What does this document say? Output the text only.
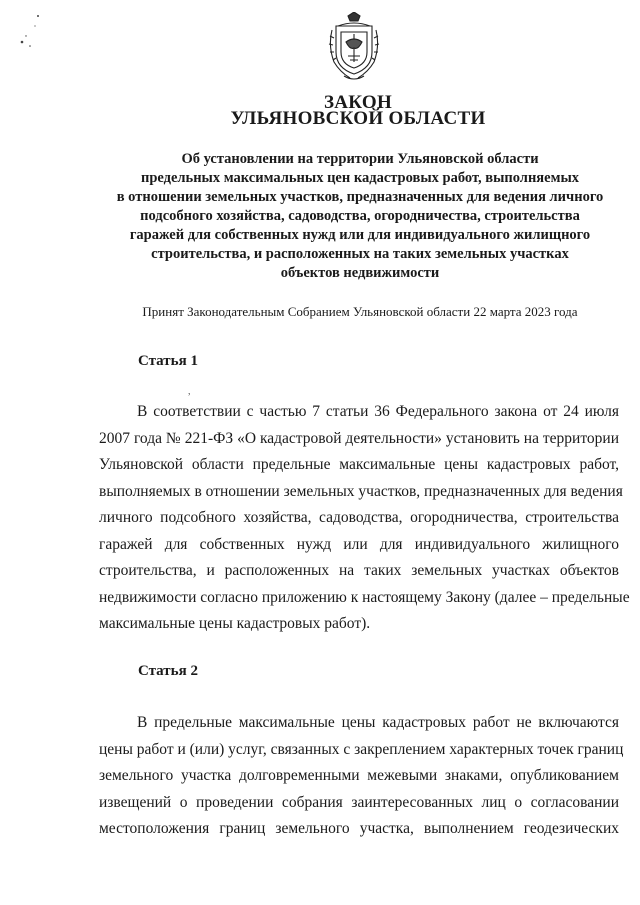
ЗАКОН
УЛЬЯНОВСКОЙ ОБЛАСТИ
Об установлении на территории Ульяновской области
предельных максимальных цен кадастровых работ, выполняемых
в отношении земельных участков, предназначенных для ведения личного
подсобного хозяйства, садоводства, огородничества, строительства
гаражей для собственных нужд или для индивидуального жилищного
строительства, и расположенных на таких земельных участках
объектов недвижимости
Принят Законодательным Собранием Ульяновской области 22 марта 2023 года
Статья 1
,
В соответствии с частью 7 статьи 36 Федерального закона от 24 июля
2007 года № 221-ФЗ «О кадастровой деятельности» установить на территории
Ульяновской области предельные максимальные цены кадастровых работ,
выполняемых в отношении земельных участков, предназначенных для ведения
личного подсобного хозяйства, садоводства, огородничества, строительства
гаражей для собственных нужд или для индивидуального жилищного
строительства, и расположенных на таких земельных участках объектов
недвижимости согласно приложению к настоящему Закону (далее – предельные
максимальные цены кадастровых работ).
Статья 2
В предельные максимальные цены кадастровых работ не включаются
цены работ и (или) услуг, связанных с закреплением характерных точек границ
земельного участка долговременными межевыми знаками, опубликованием
извещений о проведении собрания заинтересованных лиц о согласовании
местоположения границ земельного участка, выполнением геодезических
